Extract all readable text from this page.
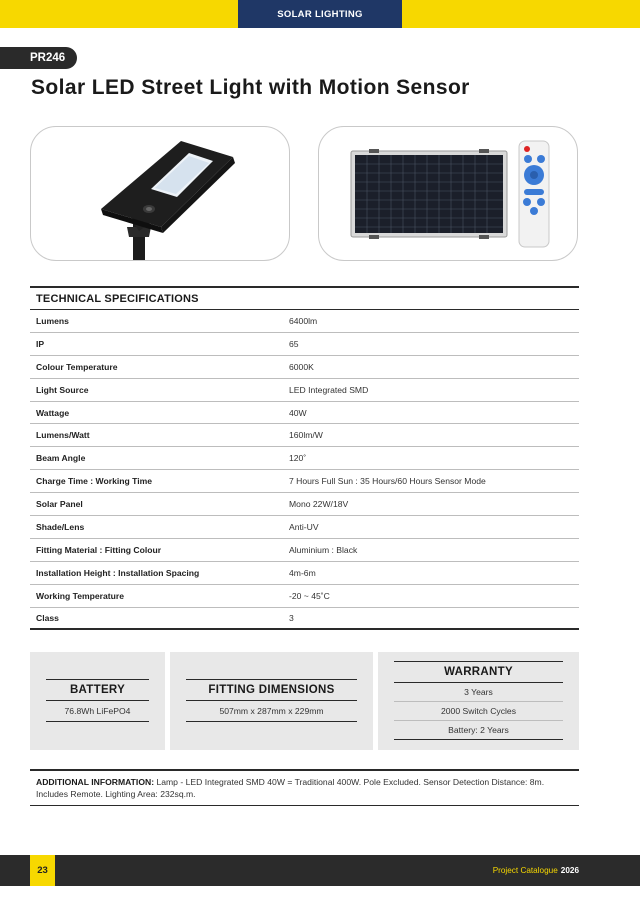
SOLAR LIGHTING
PR246
Solar LED Street Light with Motion Sensor
TECHNICAL SPECIFICATIONS
Lumens	6400lm
IP	65
Colour Temperature	6000K
Light Source	LED Integrated SMD
Wattage	40W
Lumens/Watt	160lm/W
Beam Angle	120˚
Charge Time : Working Time	7 Hours Full Sun : 35 Hours/60 Hours Sensor Mode
Solar Panel	Mono 22W/18V
Shade/Lens	Anti-UV
Fitting Material : Fitting Colour	Aluminium : Black
Installation Height : Installation Spacing	4m-6m
Working Temperature	-20 ~ 45˚C
Class	3
BATTERY
76.8Wh LiFePO4
FITTING DIMENSIONS
507mm x 287mm x 229mm
WARRANTY
3 Years
2000 Switch Cycles
Battery: 2 Years
ADDITIONAL INFORMATION: Lamp - LED Integrated SMD 40W = Traditional 400W. Pole Excluded. Sensor Detection Distance: 8m. Includes Remote. Lighting Area: 232sq.m.
23	Project Catalogue 2026
